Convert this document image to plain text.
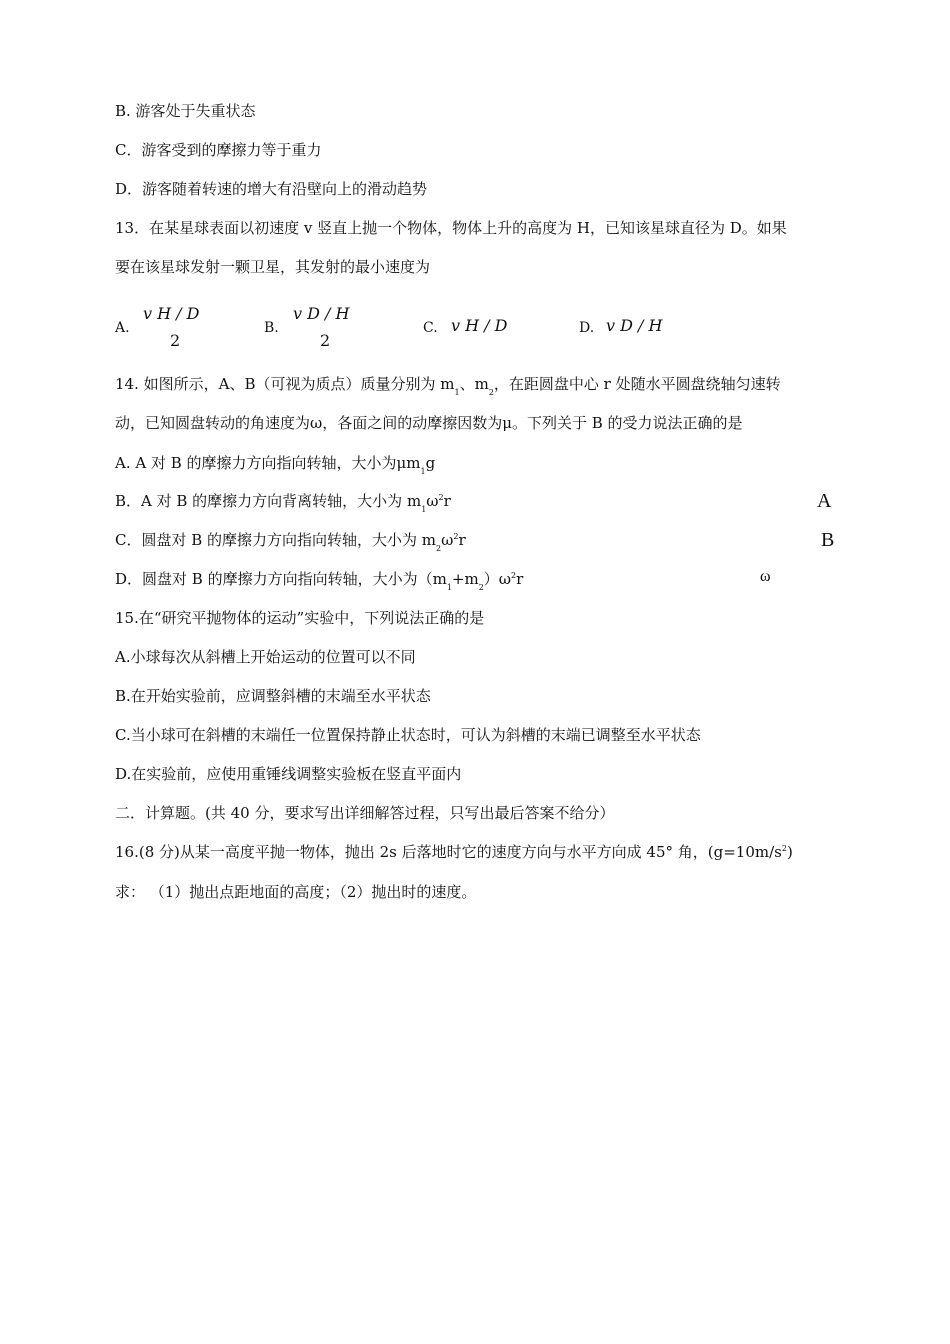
B. 游客处于失重状态
C．游客受到的摩擦力等于重力
D．游客随着转速的增大有沿壁向上的滑动趋势
13．在某星球表面以初速度 v 竖直上抛一个物体，物体上升的高度为 H，已知该星球直径为 D。如果
要在该星球发射一颗卫星，其发射的最小速度为
A.
v H / D
2
B.
v D / H
2
C. v H / D	D. v D / H
14. 如图所示，A、B（可视为质点）质量分别为 $m_1$、$m_2$，在距圆盘中心 r 处随水平圆盘绕轴匀速转
动，已知圆盘转动的角速度为ω，各面之间的动摩擦因数为μ。下列关于 B 的受力说法正确的是
A. A 对 B 的摩擦力方向指向转轴，大小为$\mu m_1g$
B．A 对 B 的摩擦力方向背离转轴，大小为 $m_1\omega^2r$
C．圆盘对 B 的摩擦力方向指向转轴，大小为 $m_2\omega^2r$
D．圆盘对 B 的摩擦力方向指向转轴，大小为$(m_1+m_2)\omega^2r$
A
B
ω
15.在“研究平抛物体的运动”实验中，下列说法正确的是
A.小球每次从斜槽上开始运动的位置可以不同
B.在开始实验前，应调整斜槽的末端至水平状态
C.当小球可在斜槽的末端任一位置保持静止状态时，可认为斜槽的末端已调整至水平状态
D.在实验前，应使用重锤线调整实验板在竖直平面内
二．计算题。(共 40 分，要求写出详细解答过程，只写出最后答案不给分）
16.(8 分)从某一高度平抛一物体，抛出 2s 后落地时它的速度方向与水平方向成 45° 角，$(g=10m/s^2)$
求： （1）抛出点距地面的高度；（2）抛出时的速度。
